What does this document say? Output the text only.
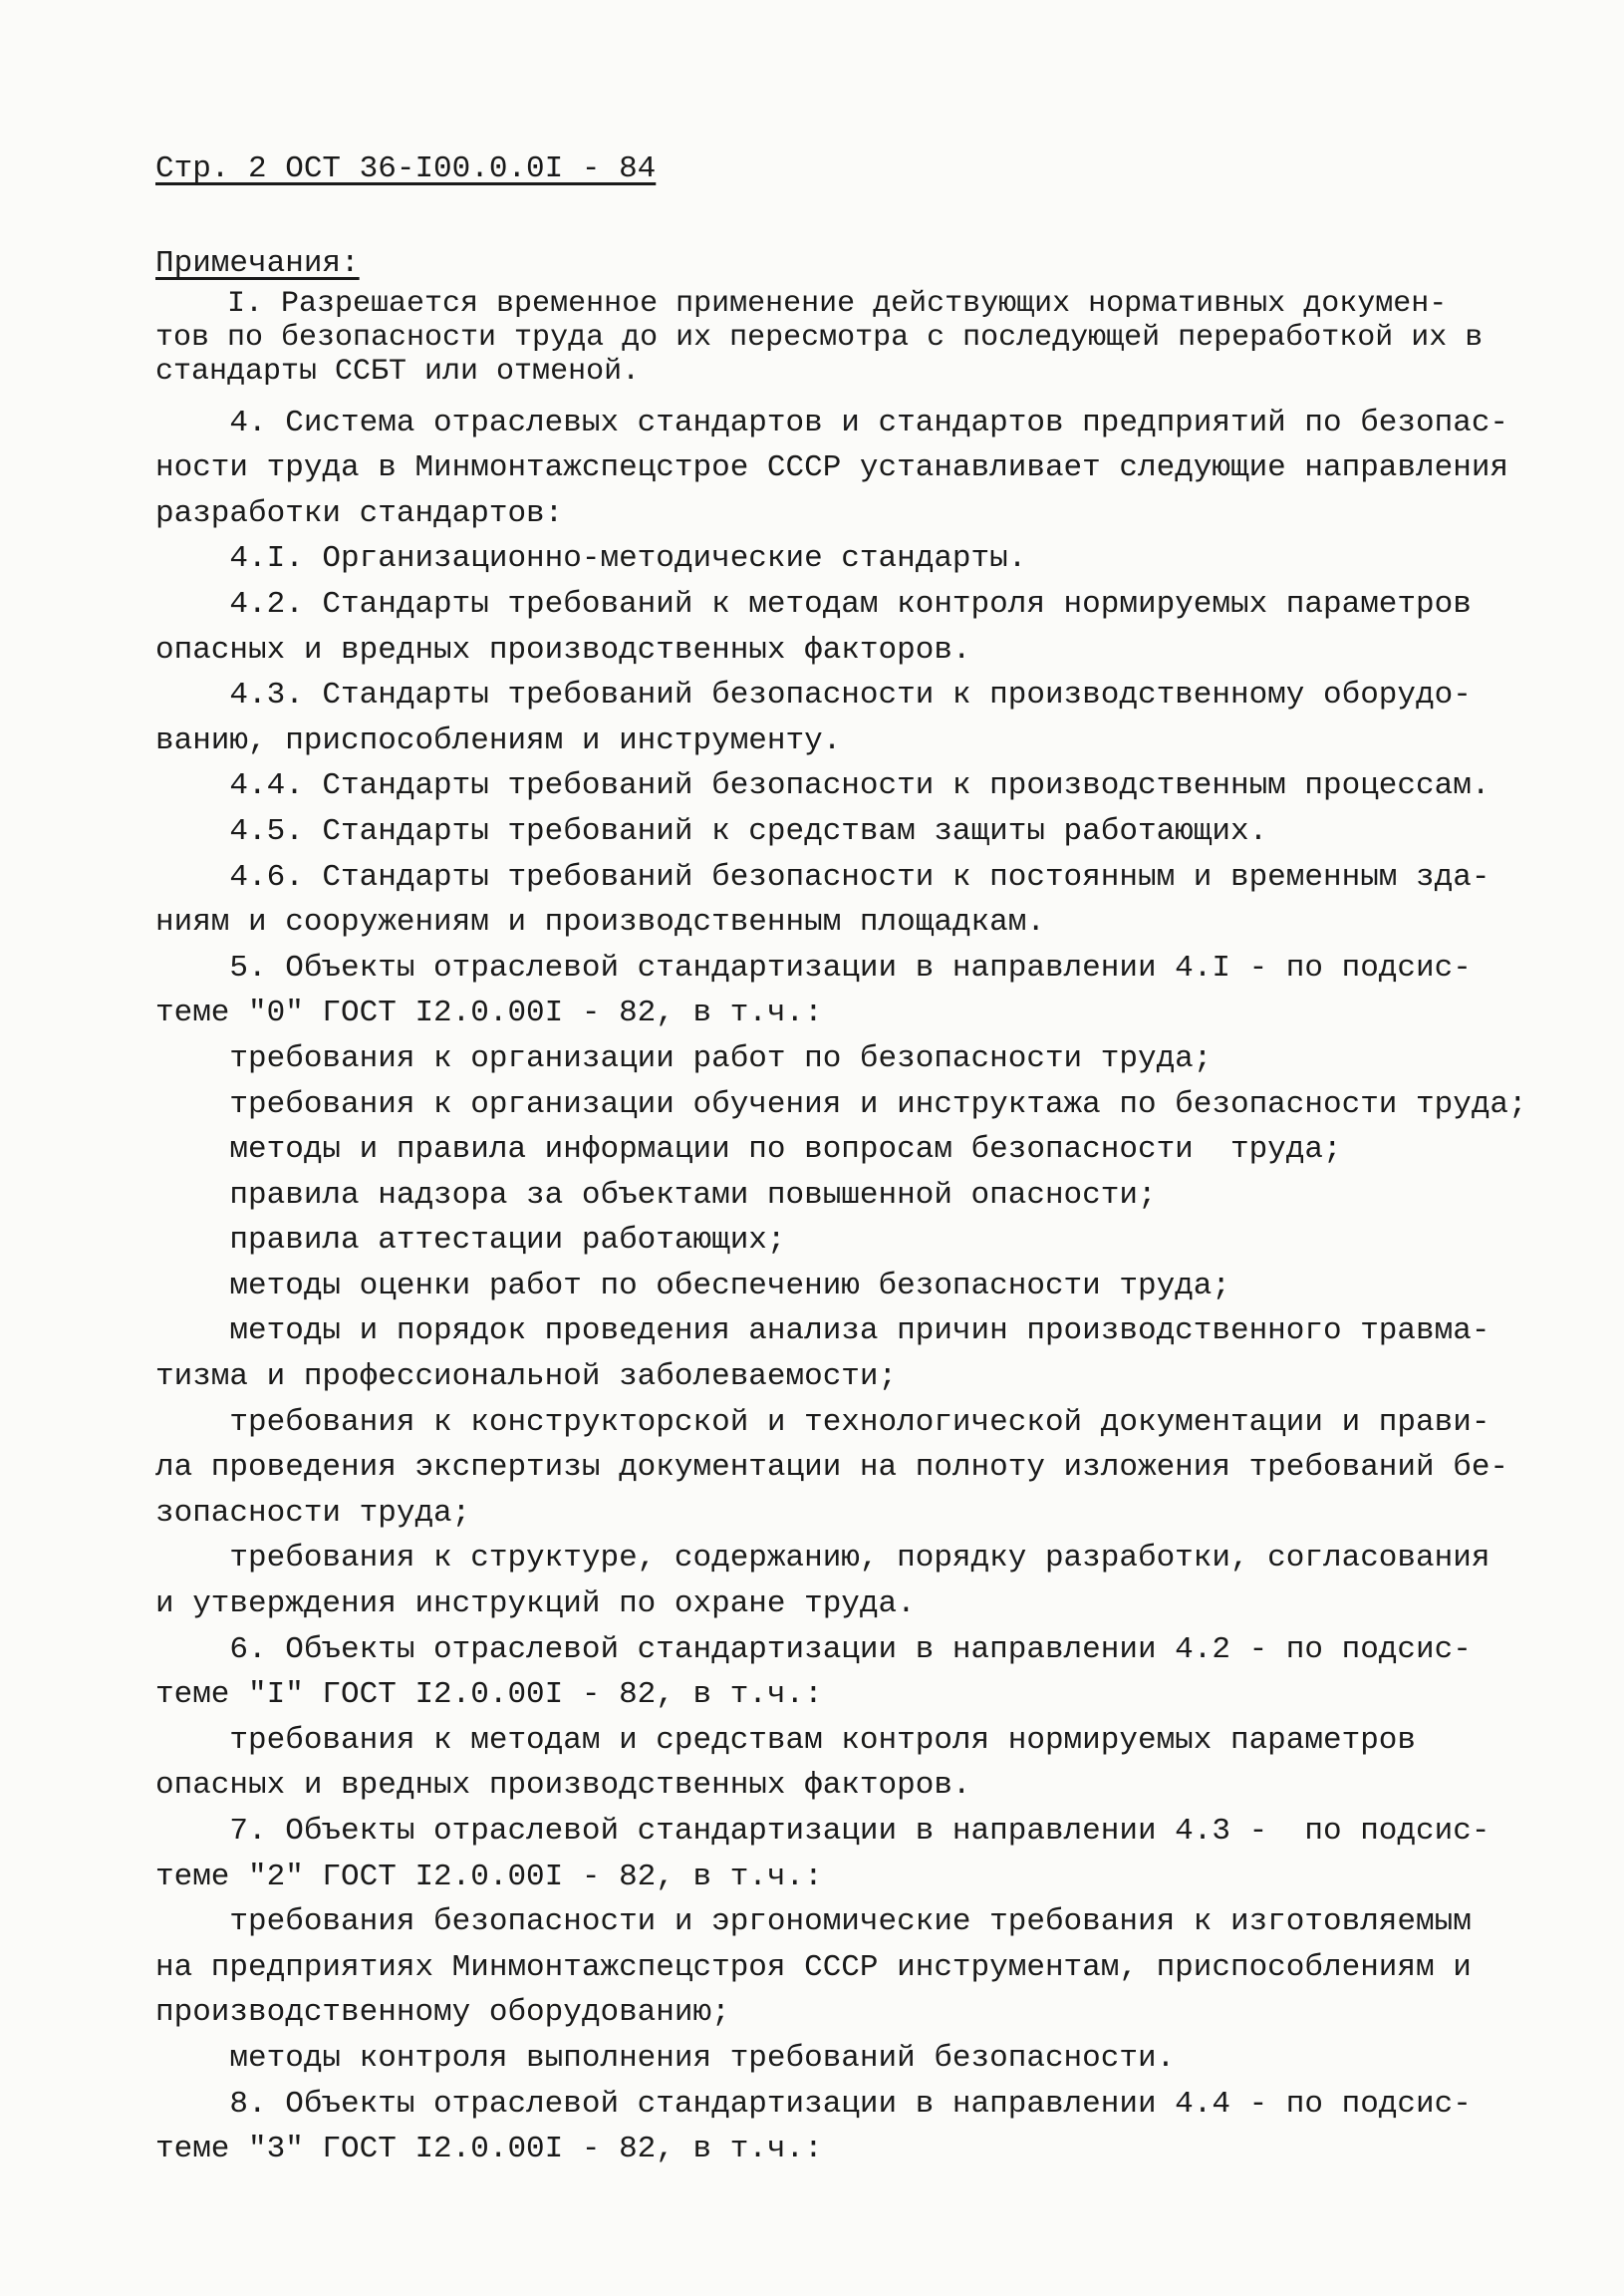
Стр. 2 ОСТ 36-I00.0.0I - 84
Примечания:
I. Разрешается временное применение действующих нормативных докумен-
тов по безопасности труда до их пересмотра с последующей переработкой их в
стандарты ССБТ или отменой.
4. Система отраслевых стандартов и стандартов предприятий по безопас-
ности труда в Минмонтажспецстрое СССР устанавливает следующие направления
разработки стандартов:
4.I. Организационно-методические стандарты.
4.2. Стандарты требований к методам контроля нормируемых параметров
опасных и вредных производственных факторов.
4.3. Стандарты требований безопасности к производственному оборудо-
ванию, приспособлениям и инструменту.
4.4. Стандарты требований безопасности к производственным процессам.
4.5. Стандарты требований к средствам защиты работающих.
4.6. Стандарты требований безопасности к постоянным и временным зда-
ниям и сооружениям и производственным площадкам.
5. Объекты отраслевой стандартизации в направлении 4.I - по подсис-
теме "0" ГОСТ I2.0.00I - 82, в т.ч.:
требования к организации работ по безопасности труда;
требования к организации обучения и инструктажа по безопасности труда;
методы и правила информации по вопросам безопасности  труда;
правила надзора за объектами повышенной опасности;
правила аттестации работающих;
методы оценки работ по обеспечению безопасности труда;
методы и порядок проведения анализа причин производственного травма-
тизма и профессиональной заболеваемости;
требования к конструкторской и технологической документации и прави-
ла проведения экспертизы документации на полноту изложения требований бе-
зопасности труда;
требования к структуре, содержанию, порядку разработки, согласования
и утверждения инструкций по охране труда.
6. Объекты отраслевой стандартизации в направлении 4.2 - по подсис-
теме "I" ГОСТ I2.0.00I - 82, в т.ч.:
требования к методам и средствам контроля нормируемых параметров
опасных и вредных производственных факторов.
7. Объекты отраслевой стандартизации в направлении 4.3 -  по подсис-
теме "2" ГОСТ I2.0.00I - 82, в т.ч.:
требования безопасности и эргономические требования к изготовляемым
на предприятиях Минмонтажспецстроя СССР инструментам, приспособлениям и
производственному оборудованию;
методы контроля выполнения требований безопасности.
8. Объекты отраслевой стандартизации в направлении 4.4 - по подсис-
теме "3" ГОСТ I2.0.00I - 82, в т.ч.:
